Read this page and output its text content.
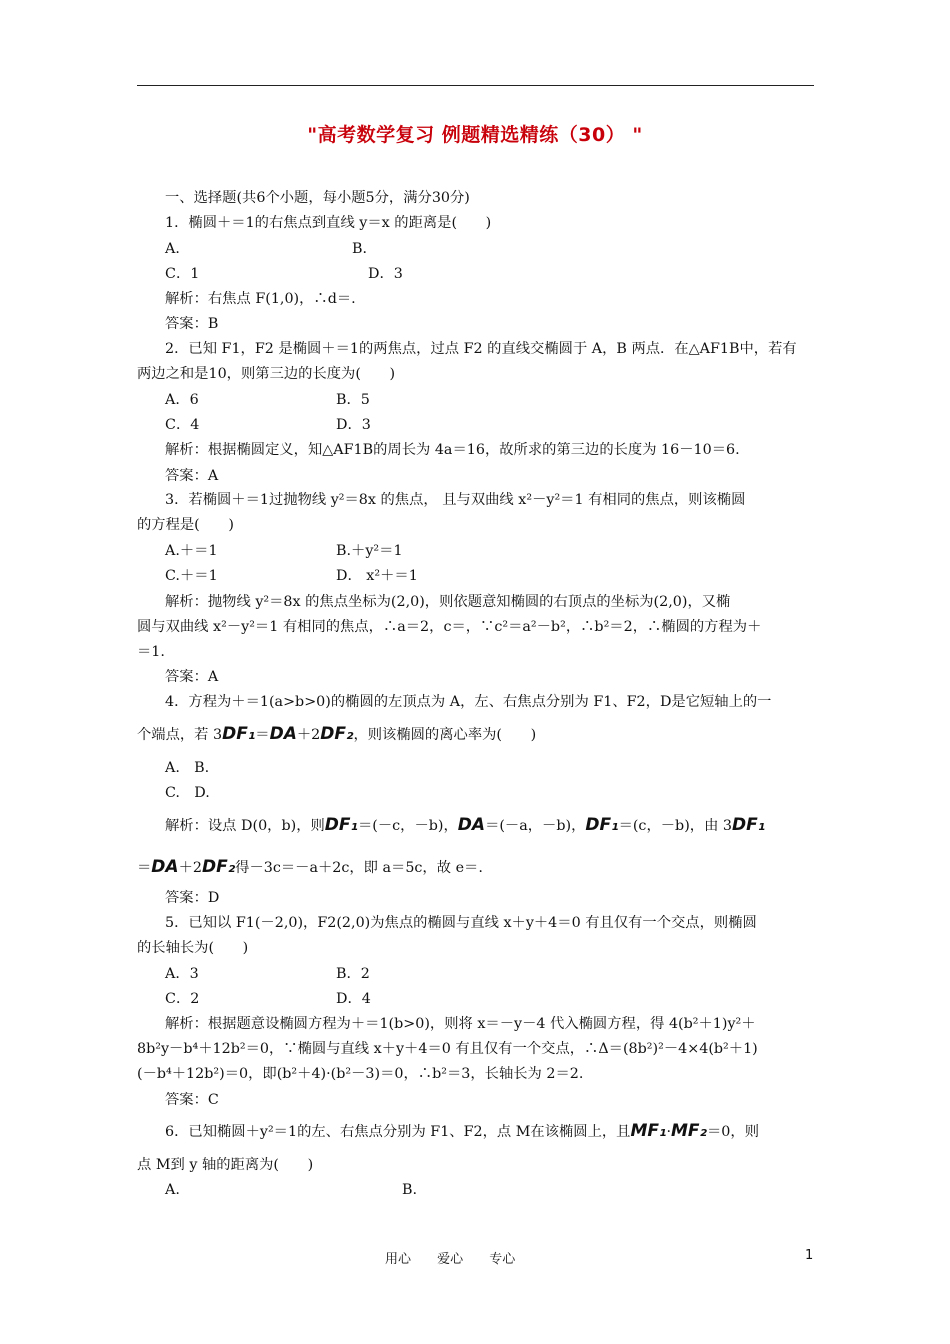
"高考数学复习 例题精选精练（30） "
一、选择题(共6个小题，每小题5分，满分30分)
1．椭圆＋＝1的右焦点到直线 y＝x 的距离是(　　)
A．	B．
C．1	D．3
解析：右焦点 F(1,0)，∴d＝.
答案：B
2．已知 F1，F2 是椭圆＋＝1的两焦点，过点 F2 的直线交椭圆于 A，B 两点．在△AF1B中，若有
两边之和是10，则第三边的长度为(　　)
A．6	B．5
C．4	D．3
解析：根据椭圆定义，知△AF1B的周长为 4a＝16，故所求的第三边的长度为 16－10＝6.
答案：A
3．若椭圆＋＝1过抛物线 y²＝8x 的焦点， 且与双曲线 x²－y²＝1 有相同的焦点，则该椭圆
的方程是(　　)
A.＋＝1	B.＋y²＝1
C.＋＝1	D． x²＋＝1
解析：抛物线 y²＝8x 的焦点坐标为(2,0)，则依题意知椭圆的右顶点的坐标为(2,0)，又椭
圆与双曲线 x²－y²＝1 有相同的焦点，∴a＝2，c＝，∵c²＝a²－b²，∴b²＝2，∴椭圆的方程为＋
＝1.
答案：A
4．方程为＋＝1(a>b>0)的椭圆的左顶点为 A，左、右焦点分别为 F1、F2，D是它短轴上的一
个端点，若 3DF₁＝DA＋2DF₂，则该椭圆的离心率为(　　)
A.　B.
C.　D.
解析：设点 D(0，b)，则DF₁＝(－c，－b)，DA＝(－a，－b)，DF₁＝(c，－b)，由 3DF₁
＝DA＋2DF₂得－3c＝－a＋2c，即 a＝5c，故 e＝.
答案：D
5．已知以 F1(－2,0)，F2(2,0)为焦点的椭圆与直线 x＋y＋4＝0 有且仅有一个交点，则椭圆
的长轴长为(　　)
A．3	B．2
C．2	D．4
解析：根据题意设椭圆方程为＋＝1(b>0)，则将 x＝－y－4 代入椭圆方程，得 4(b²＋1)y²＋
8b²y－b⁴＋12b²＝0，∵椭圆与直线 x＋y＋4＝0 有且仅有一个交点，∴Δ＝(8b²)²－4×4(b²＋1)
(－b⁴＋12b²)＝0，即(b²＋4)·(b²－3)＝0，∴b²＝3，长轴长为 2＝2.
答案：C
6．已知椭圆＋y²＝1的左、右焦点分别为 F1、F2，点 M在该椭圆上，且MF₁·MF₂＝0，则
点 M到 y 轴的距离为(　　)
A.	B.
用心 爱心 专心	1
